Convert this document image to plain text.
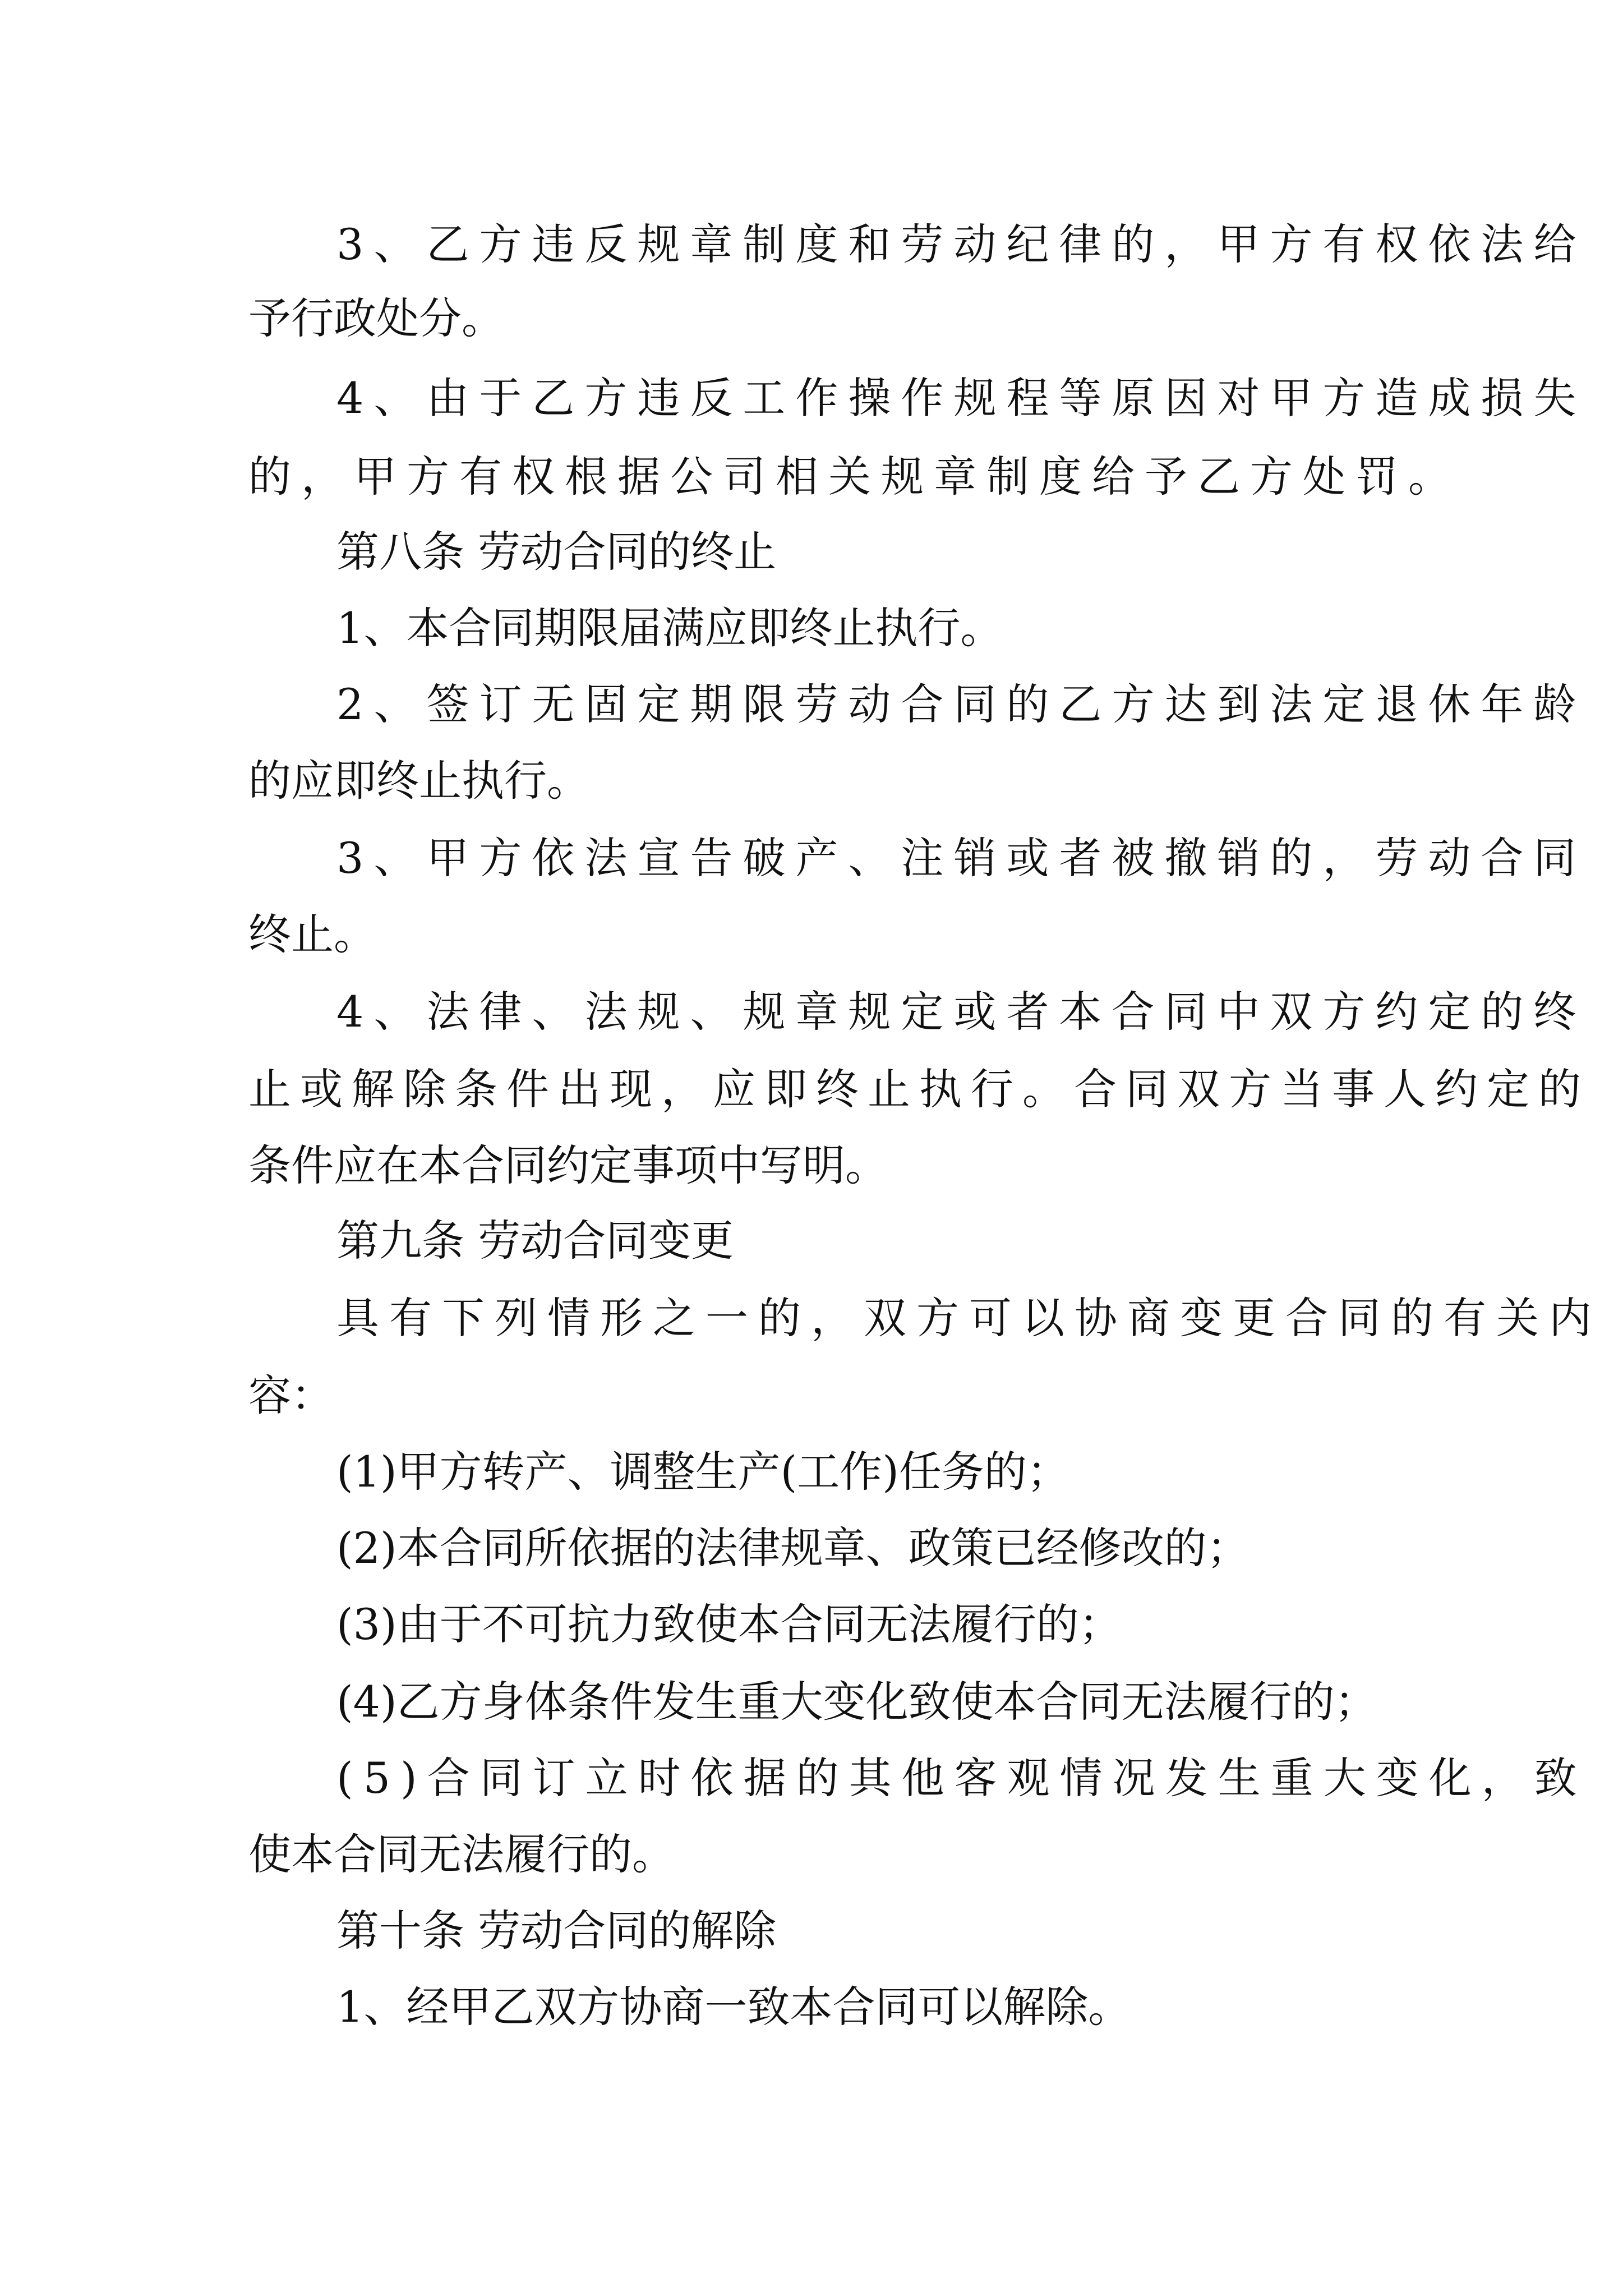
3、乙方违反规章制度和劳动纪律的，甲方有权依法给
予行政处分。
4、由于乙方违反工作操作规程等原因对甲方造成损失
的，甲方有权根据公司相关规章制度给予乙方处罚。
第八条 劳动合同的终止
1、本合同期限届满应即终止执行。
2、签订无固定期限劳动合同的乙方达到法定退休年龄
的应即终止执行。
3、甲方依法宣告破产、注销或者被撤销的，劳动合同
终止。
4、法律、法规、规章规定或者本合同中双方约定的终
止或解除条件出现，应即终止执行。合同双方当事人约定的
条件应在本合同约定事项中写明。
第九条 劳动合同变更
具有下列情形之一的，双方可以协商变更合同的有关内
容：
(1)甲方转产、调整生产(工作)任务的；
(2)本合同所依据的法律规章、政策已经修改的；
(3)由于不可抗力致使本合同无法履行的；
(4)乙方身体条件发生重大变化致使本合同无法履行的；
(5)合同订立时依据的其他客观情况发生重大变化，致
使本合同无法履行的。
第十条 劳动合同的解除
1、经甲乙双方协商一致本合同可以解除。
